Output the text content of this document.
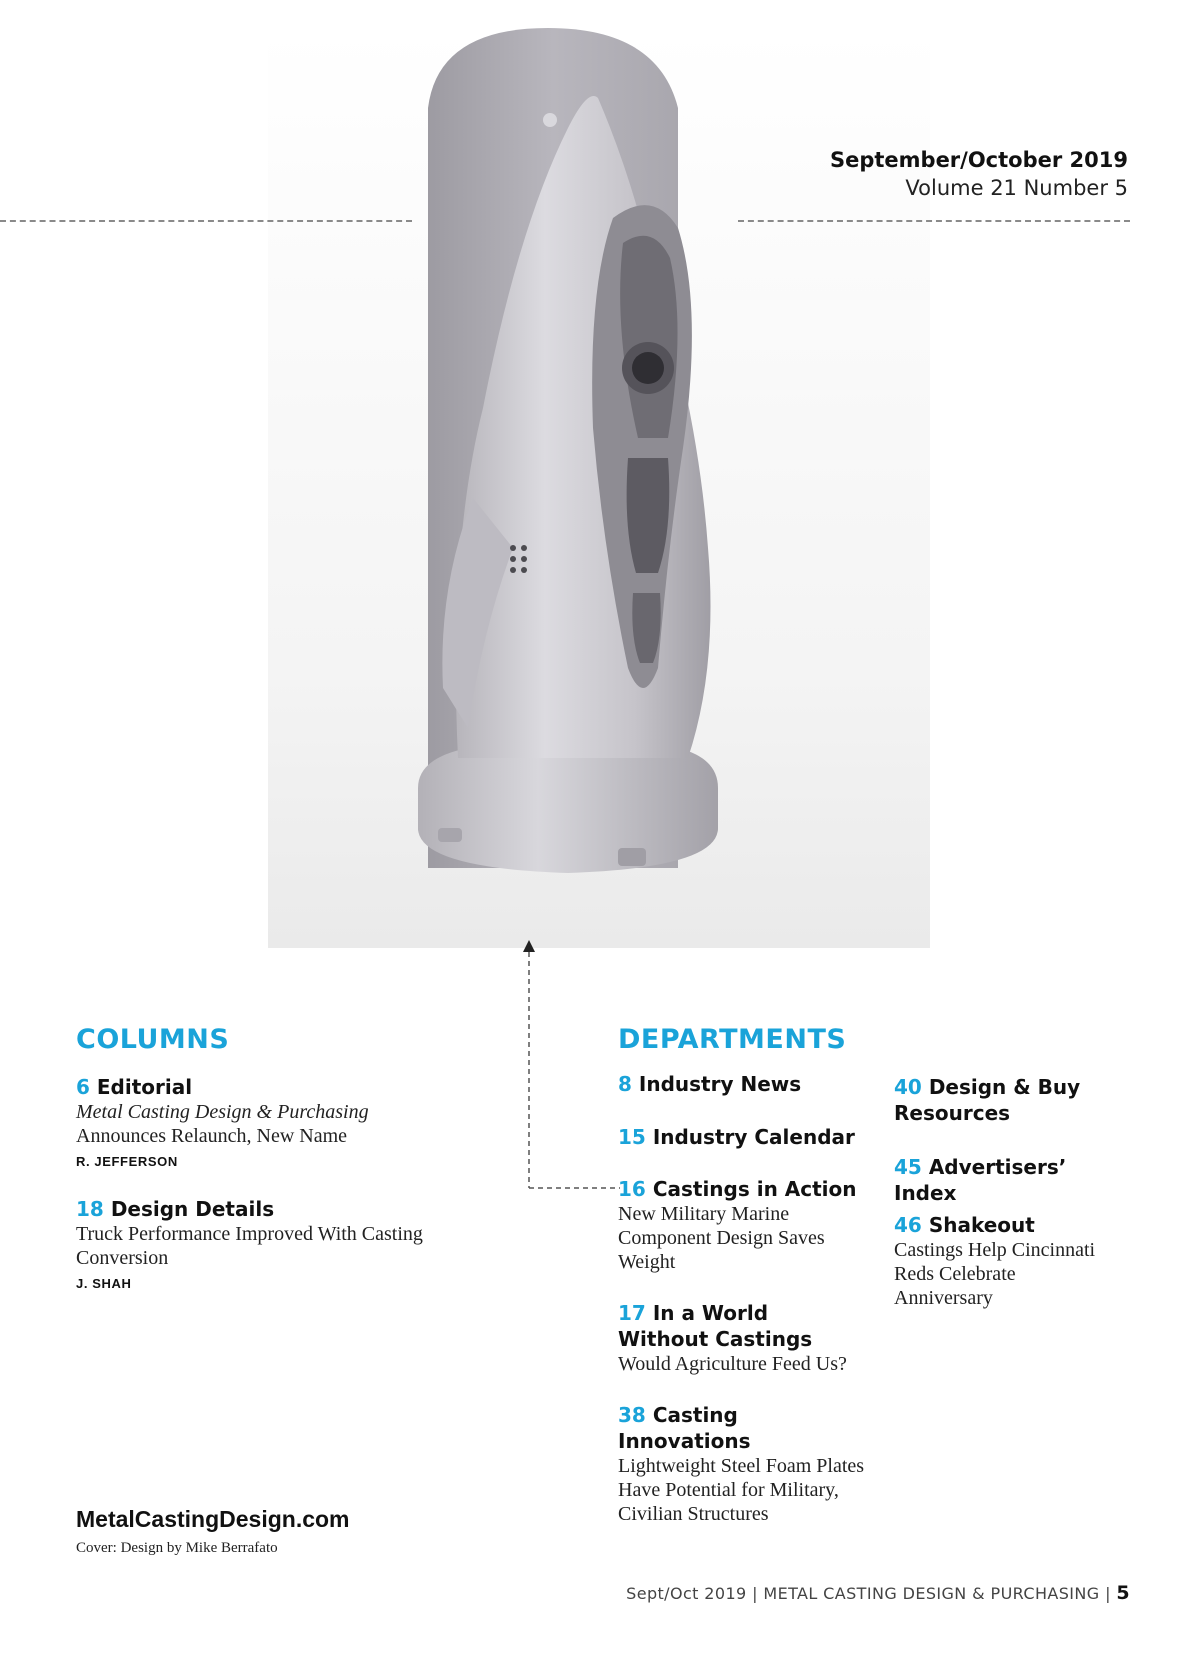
September/October 2019
Volume 21 Number 5
COLUMNS
6 Editorial
Metal Casting Design & Purchasing
Announces Relaunch, New Name
R. JEFFERSON
18 Design Details
Truck Performance Improved With Casting Conversion
J. SHAH
DEPARTMENTS
8 Industry News
15 Industry Calendar
16 Castings in Action
New Military Marine Component Design Saves Weight
17 In a World Without Castings
Would Agriculture Feed Us?
38 Casting Innovations
Lightweight Steel Foam Plates Have Potential for Military, Civilian Structures
40 Design & Buy Resources
45 Advertisers’ Index
46 Shakeout
Castings Help Cincinnati Reds Celebrate Anniversary
MetalCastingDesign.com
Cover: Design by Mike Berrafato
Sept/Oct 2019 | METAL CASTING DESIGN & PURCHASING | 5
